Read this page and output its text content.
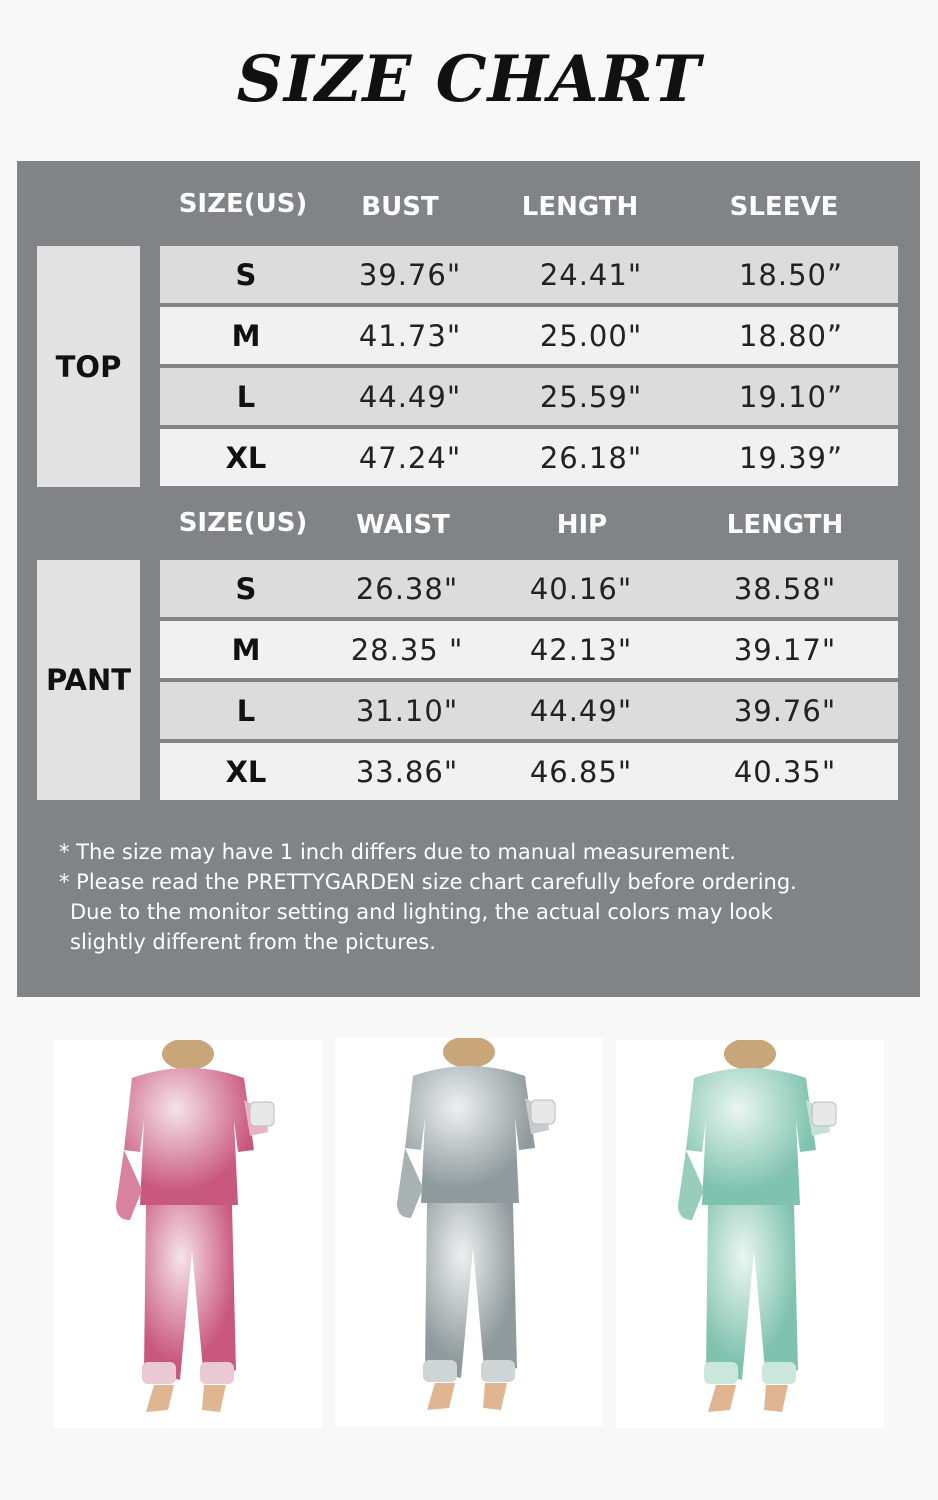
SIZE CHART
SIZE(US)	BUST	LENGTH	SLEEVE
TOP
S	39.76"	24.41"	18.50”
M	41.73"	25.00"	18.80”
L	44.49"	25.59"	19.10”
XL	47.24"	26.18"	19.39”
SIZE(US)	WAIST	HIP	LENGTH
PANT
S	26.38"	40.16"	38.58"
M	28.35 "	42.13"	39.17"
L	31.10"	44.49"	39.76"
XL	33.86"	46.85"	40.35"

* The size may have 1 inch differs due to manual measurement.

* Please read the PRETTYGARDEN size chart carefully before ordering.

Due to the monitor setting and lighting, the actual colors may look

slightly different from the pictures.
